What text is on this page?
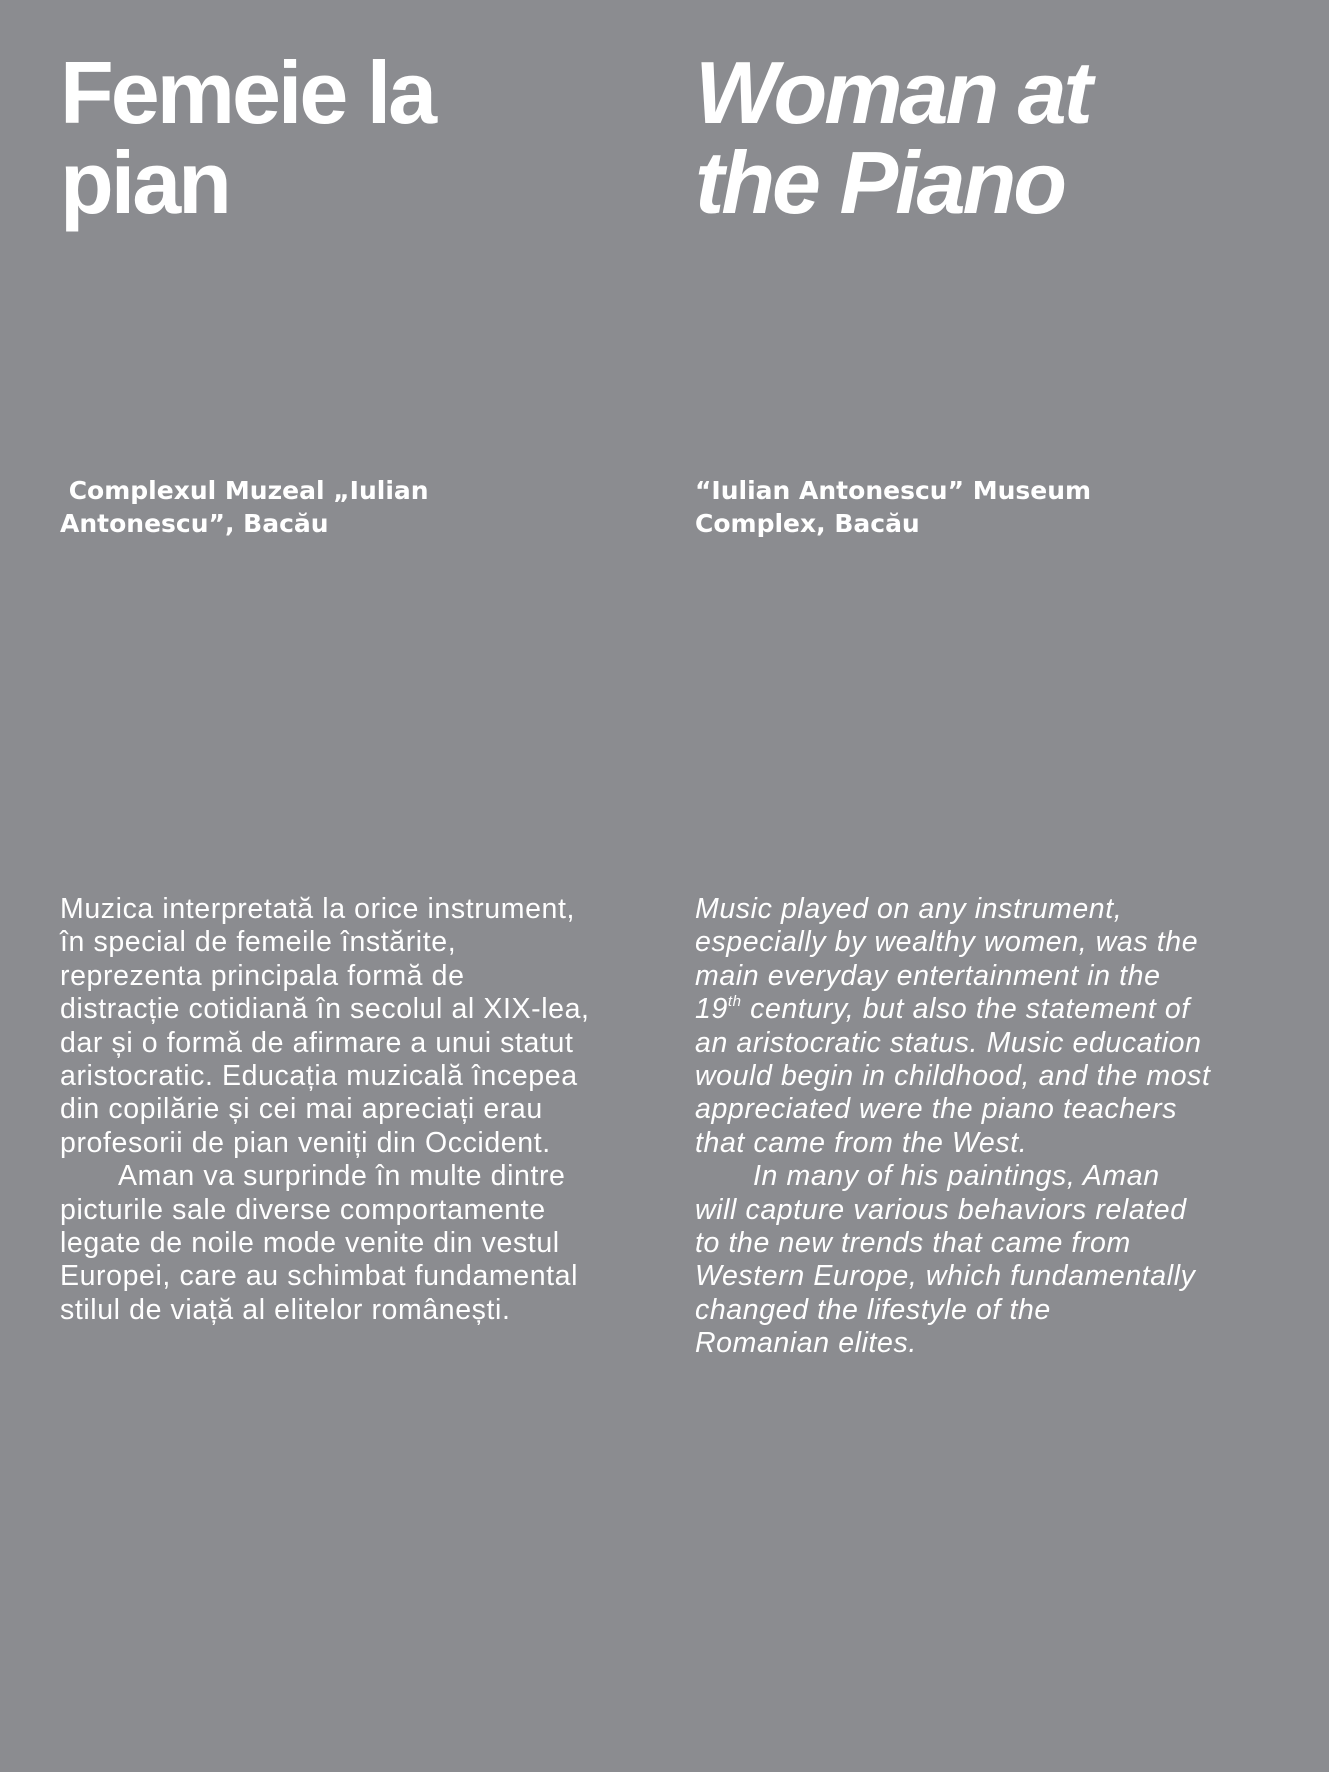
Femeie la
pian

Complexul Muzeal „Iulian
Antonescu”, Bacău

Muzica interpretată la orice instrument,
în special de femeile înstărite,
reprezenta principala formă de
distracție cotidiană în secolul al XIX-lea,
dar și o formă de afirmare a unui statut
aristocratic. Educația muzicală începea
din copilărie și cei mai apreciați erau
profesorii de pian veniți din Occident.
Aman va surprinde în multe dintre
picturile sale diverse comportamente
legate de noile mode venite din vestul
Europei, care au schimbat fundamental
stilul de viață al elitelor românești.

Woman at
the Piano

“Iulian Antonescu” Museum
Complex, Bacău

Music played on any instrument,
especially by wealthy women, was the
main everyday entertainment in the
19th century, but also the statement of
an aristocratic status. Music education
would begin in childhood, and the most
appreciated were the piano teachers
that came from the West.
In many of his paintings, Aman
will capture various behaviors related
to the new trends that came from
Western Europe, which fundamentally
changed the lifestyle of the
Romanian elites.
